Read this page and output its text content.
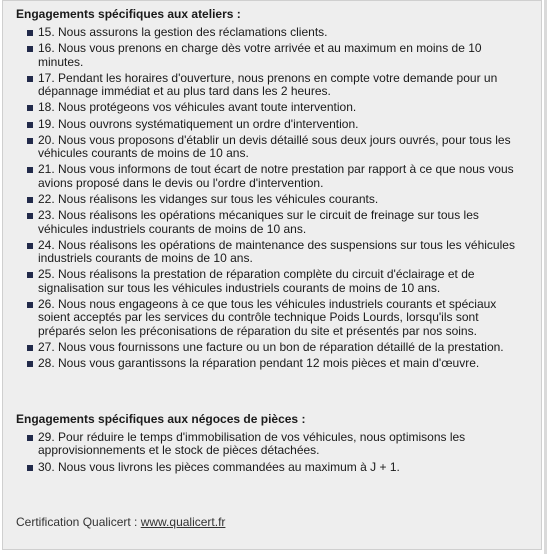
Engagements spécifiques aux ateliers :
15. Nous assurons la gestion des réclamations clients.
16. Nous vous prenons en charge dès votre arrivée et au maximum en moins de 10 minutes.
17. Pendant les horaires d'ouverture, nous prenons en compte votre demande pour un dépannage immédiat et au plus tard dans les 2 heures.
18. Nous protégeons vos véhicules avant toute intervention.
19. Nous ouvrons systématiquement un ordre d'intervention.
20. Nous vous proposons d'établir un devis détaillé sous deux jours ouvrés, pour tous les véhicules courants de moins de 10 ans.
21. Nous vous informons de tout écart de notre prestation par rapport à ce que nous vous avions proposé dans le devis ou l'ordre d'intervention.
22. Nous réalisons les vidanges sur tous les véhicules courants.
23. Nous réalisons les opérations mécaniques sur le circuit de freinage sur tous les véhicules industriels courants de moins de 10 ans.
24. Nous réalisons les opérations de maintenance des suspensions sur tous les véhicules industriels courants de moins de 10 ans.
25. Nous réalisons la prestation de réparation complète du circuit d'éclairage et de signalisation sur tous les véhicules industriels courants de moins de 10 ans.
26. Nous nous engageons à ce que tous les véhicules industriels courants et spéciaux soient acceptés par les services du contrôle technique Poids Lourds, lorsqu'ils sont préparés selon les préconisations de réparation du site et présentés par nos soins.
27. Nous vous fournissons une facture ou un bon de réparation détaillé de la prestation.
28. Nous vous garantissons la réparation pendant 12 mois pièces et main d'œuvre.
Engagements spécifiques aux négoces de pièces :
29. Pour réduire le temps d'immobilisation de vos véhicules, nous optimisons les approvisionnements et le stock de pièces détachées.
30. Nous vous livrons les pièces commandées au maximum à J + 1.
Certification Qualicert : www.qualicert.fr
